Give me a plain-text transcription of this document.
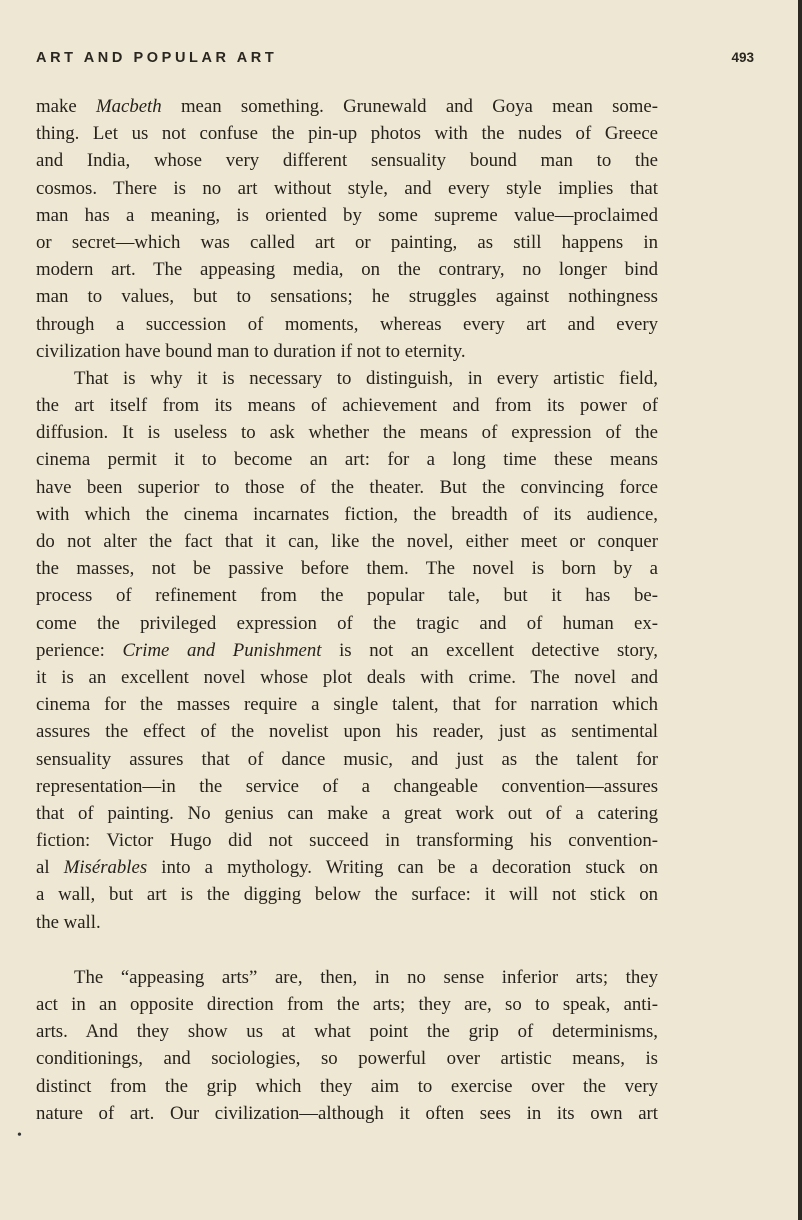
ART AND POPULAR ART	493
make Macbeth mean something. Grunewald and Goya mean some-
thing. Let us not confuse the pin-up photos with the nudes of Greece
and India, whose very different sensuality bound man to the
cosmos. There is no art without style, and every style implies that
man has a meaning, is oriented by some supreme value—proclaimed
or secret—which was called art or painting, as still happens in
modern art. The appeasing media, on the contrary, no longer bind
man to values, but to sensations; he struggles against nothingness
through a succession of moments, whereas every art and every
civilization have bound man to duration if not to eternity.
That is why it is necessary to distinguish, in every artistic field,
the art itself from its means of achievement and from its power of
diffusion. It is useless to ask whether the means of expression of the
cinema permit it to become an art: for a long time these means
have been superior to those of the theater. But the convincing force
with which the cinema incarnates fiction, the breadth of its audience,
do not alter the fact that it can, like the novel, either meet or conquer
the masses, not be passive before them. The novel is born by a
process of refinement from the popular tale, but it has be-
come the privileged expression of the tragic and of human ex-
perience: Crime and Punishment is not an excellent detective story,
it is an excellent novel whose plot deals with crime. The novel and
cinema for the masses require a single talent, that for narration which
assures the effect of the novelist upon his reader, just as sentimental
sensuality assures that of dance music, and just as the talent for
representation—in the service of a changeable convention—assures
that of painting. No genius can make a great work out of a catering
fiction: Victor Hugo did not succeed in transforming his convention-
al Misérables into a mythology. Writing can be a decoration stuck on
a wall, but art is the digging below the surface: it will not stick on
the wall.
The “appeasing arts” are, then, in no sense inferior arts; they
act in an opposite direction from the arts; they are, so to speak, anti-
arts. And they show us at what point the grip of determinisms,
conditionings, and sociologies, so powerful over artistic means, is
distinct from the grip which they aim to exercise over the very
nature of art. Our civilization—although it often sees in its own art
•
